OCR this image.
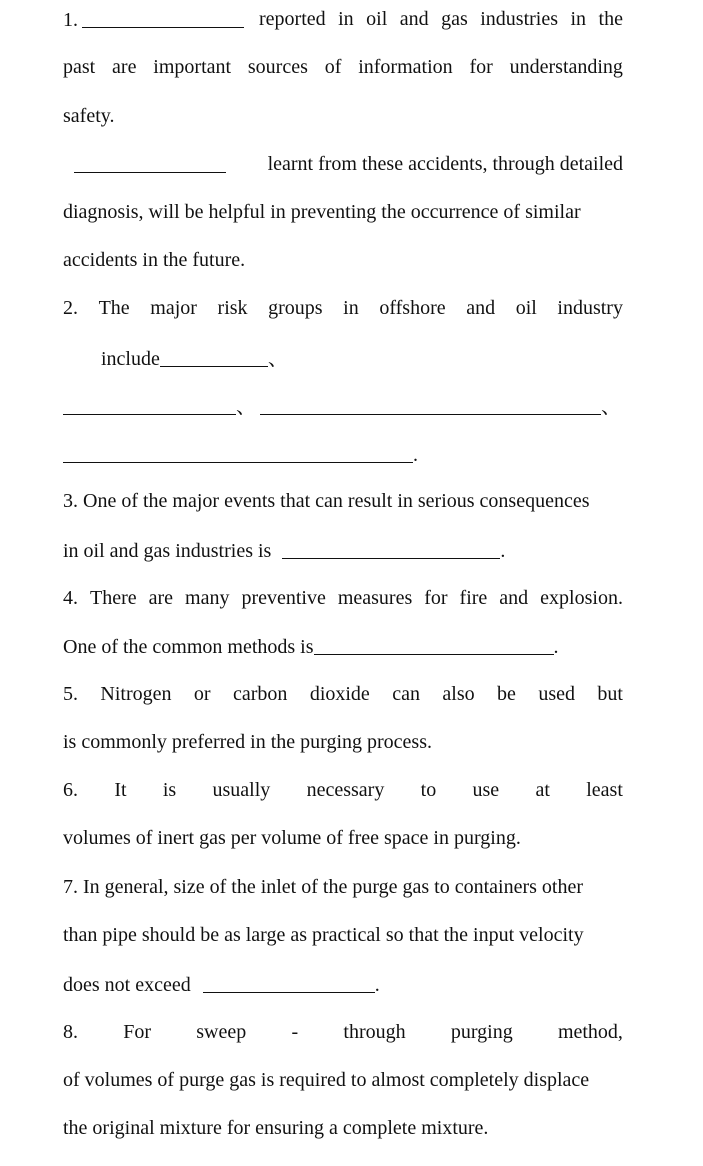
1.	reported in oil and gas industries in the
past are important sources of information for understanding
safety.
learnt from these accidents, through detailed
diagnosis, will be helpful in preventing the occurrence of similar
accidents in the future.
2. The major risk groups in offshore and oil industry
include	、
、	、
.
3. One of the major events that can result in serious consequences
in oil and gas industries is	.
4. There are many preventive measures for fire and explosion.
One of the common methods is	.
5. Nitrogen or carbon dioxide can also be used but
is commonly preferred in the purging process.
6. It is usually necessary to use at least
volumes of inert gas per volume of free space in purging.
7. In general, size of the inlet of the purge gas to containers other
than pipe should be as large as practical so that the input velocity
does not exceed	.
8. For sweep - through purging method,
of volumes of purge gas is required to almost completely displace
the original mixture for ensuring a complete mixture.
